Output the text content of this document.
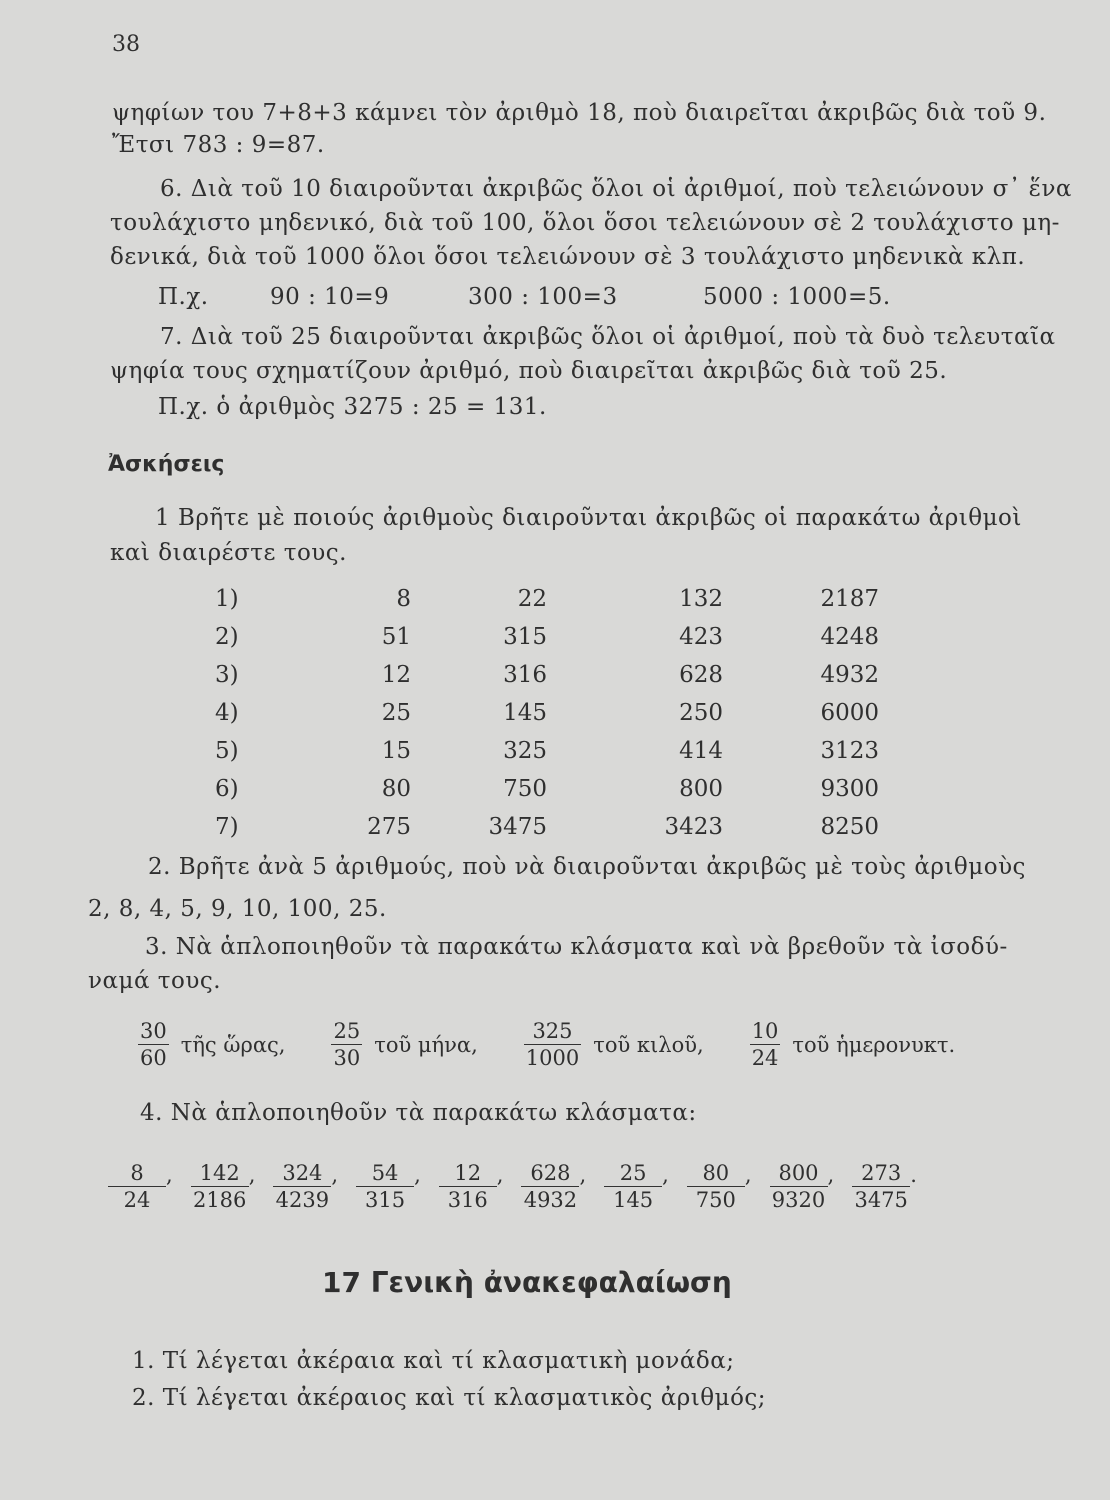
38
ψηφίων του 7+8+3 κάμνει τὸν ἀριθμὸ 18, ποὺ διαιρεῖται ἀκριβῶς διὰ τοῦ 9.
Ἔτσι 783 : 9=87.
6. Διὰ τοῦ 10 διαιροῦνται ἀκριβῶς ὅλοι οἱ ἀριθμοί, ποὺ τελειώνουν σ᾿ ἕνα
τουλάχιστο μηδενικό, διὰ τοῦ 100, ὅλοι ὅσοι τελειώνουν σὲ 2 τουλάχιστο μη-
δενικά, διὰ τοῦ 1000 ὅλοι ὅσοι τελειώνουν σὲ 3 τουλάχιστο μηδενικὰ κλπ.
Π.χ.	90 : 10=9	300 : 100=3	5000 : 1000=5.
7. Διὰ τοῦ 25 διαιροῦνται ἀκριβῶς ὅλοι οἱ ἀριθμοί, ποὺ τὰ δυὸ τελευταῖα
ψηφία τους σχηματίζουν ἀριθμό, ποὺ διαιρεῖται ἀκριβῶς διὰ τοῦ 25.
Π.χ. ὁ ἀριθμὸς 3275 : 25 = 131.
Ἀσκήσεις
1 Βρῆτε μὲ ποιούς ἀριθμοὺς διαιροῦνται ἀκριβῶς οἱ παρακάτω ἀριθμοὶ
καὶ διαιρέστε τους.
1)	8	22	132	2187
2)	51	315	423	4248
3)	12	316	628	4932
4)	25	145	250	6000
5)	15	325	414	3123
6)	80	750	800	9300
7)	275	3475	3423	8250
2. Βρῆτε ἀνὰ 5 ἀριθμούς, ποὺ νὰ διαιροῦνται ἀκριβῶς μὲ τοὺς ἀριθμοὺς
2, 8, 4, 5, 9, 10, 100, 25.
3. Νὰ ἁπλοποιηθοῦν τὰ παρακάτω κλάσματα καὶ νὰ βρεθοῦν τὰ ἰσοδύ-
ναμά τους.
$\frac{30}{60}$ τῆς ὥρας, $\frac{25}{30}$ τοῦ μήνα, $\frac{325}{1000}$ τοῦ κιλοῦ, $\frac{10}{24}$ τοῦ ἡμερονυκτ.
4. Νὰ ἁπλοποιηθοῦν τὰ παρακάτω κλάσματα:
$\frac{8}{24}$ , $\frac{142}{2186}$ , $\frac{324}{4239}$ , $\frac{54}{315}$ , $\frac{12}{316}$ , $\frac{628}{4932}$ , $\frac{25}{145}$ , $\frac{80}{750}$ , $\frac{800}{9320}$ , $\frac{273}{3475}$ .
17 Γενικὴ ἀνακεφαλαίωση
1. Τί λέγεται ἀκέραια καὶ τί κλασματικὴ μονάδα;
2. Τί λέγεται ἀκέραιος καὶ τί κλασματικὸς ἀριθμός;
